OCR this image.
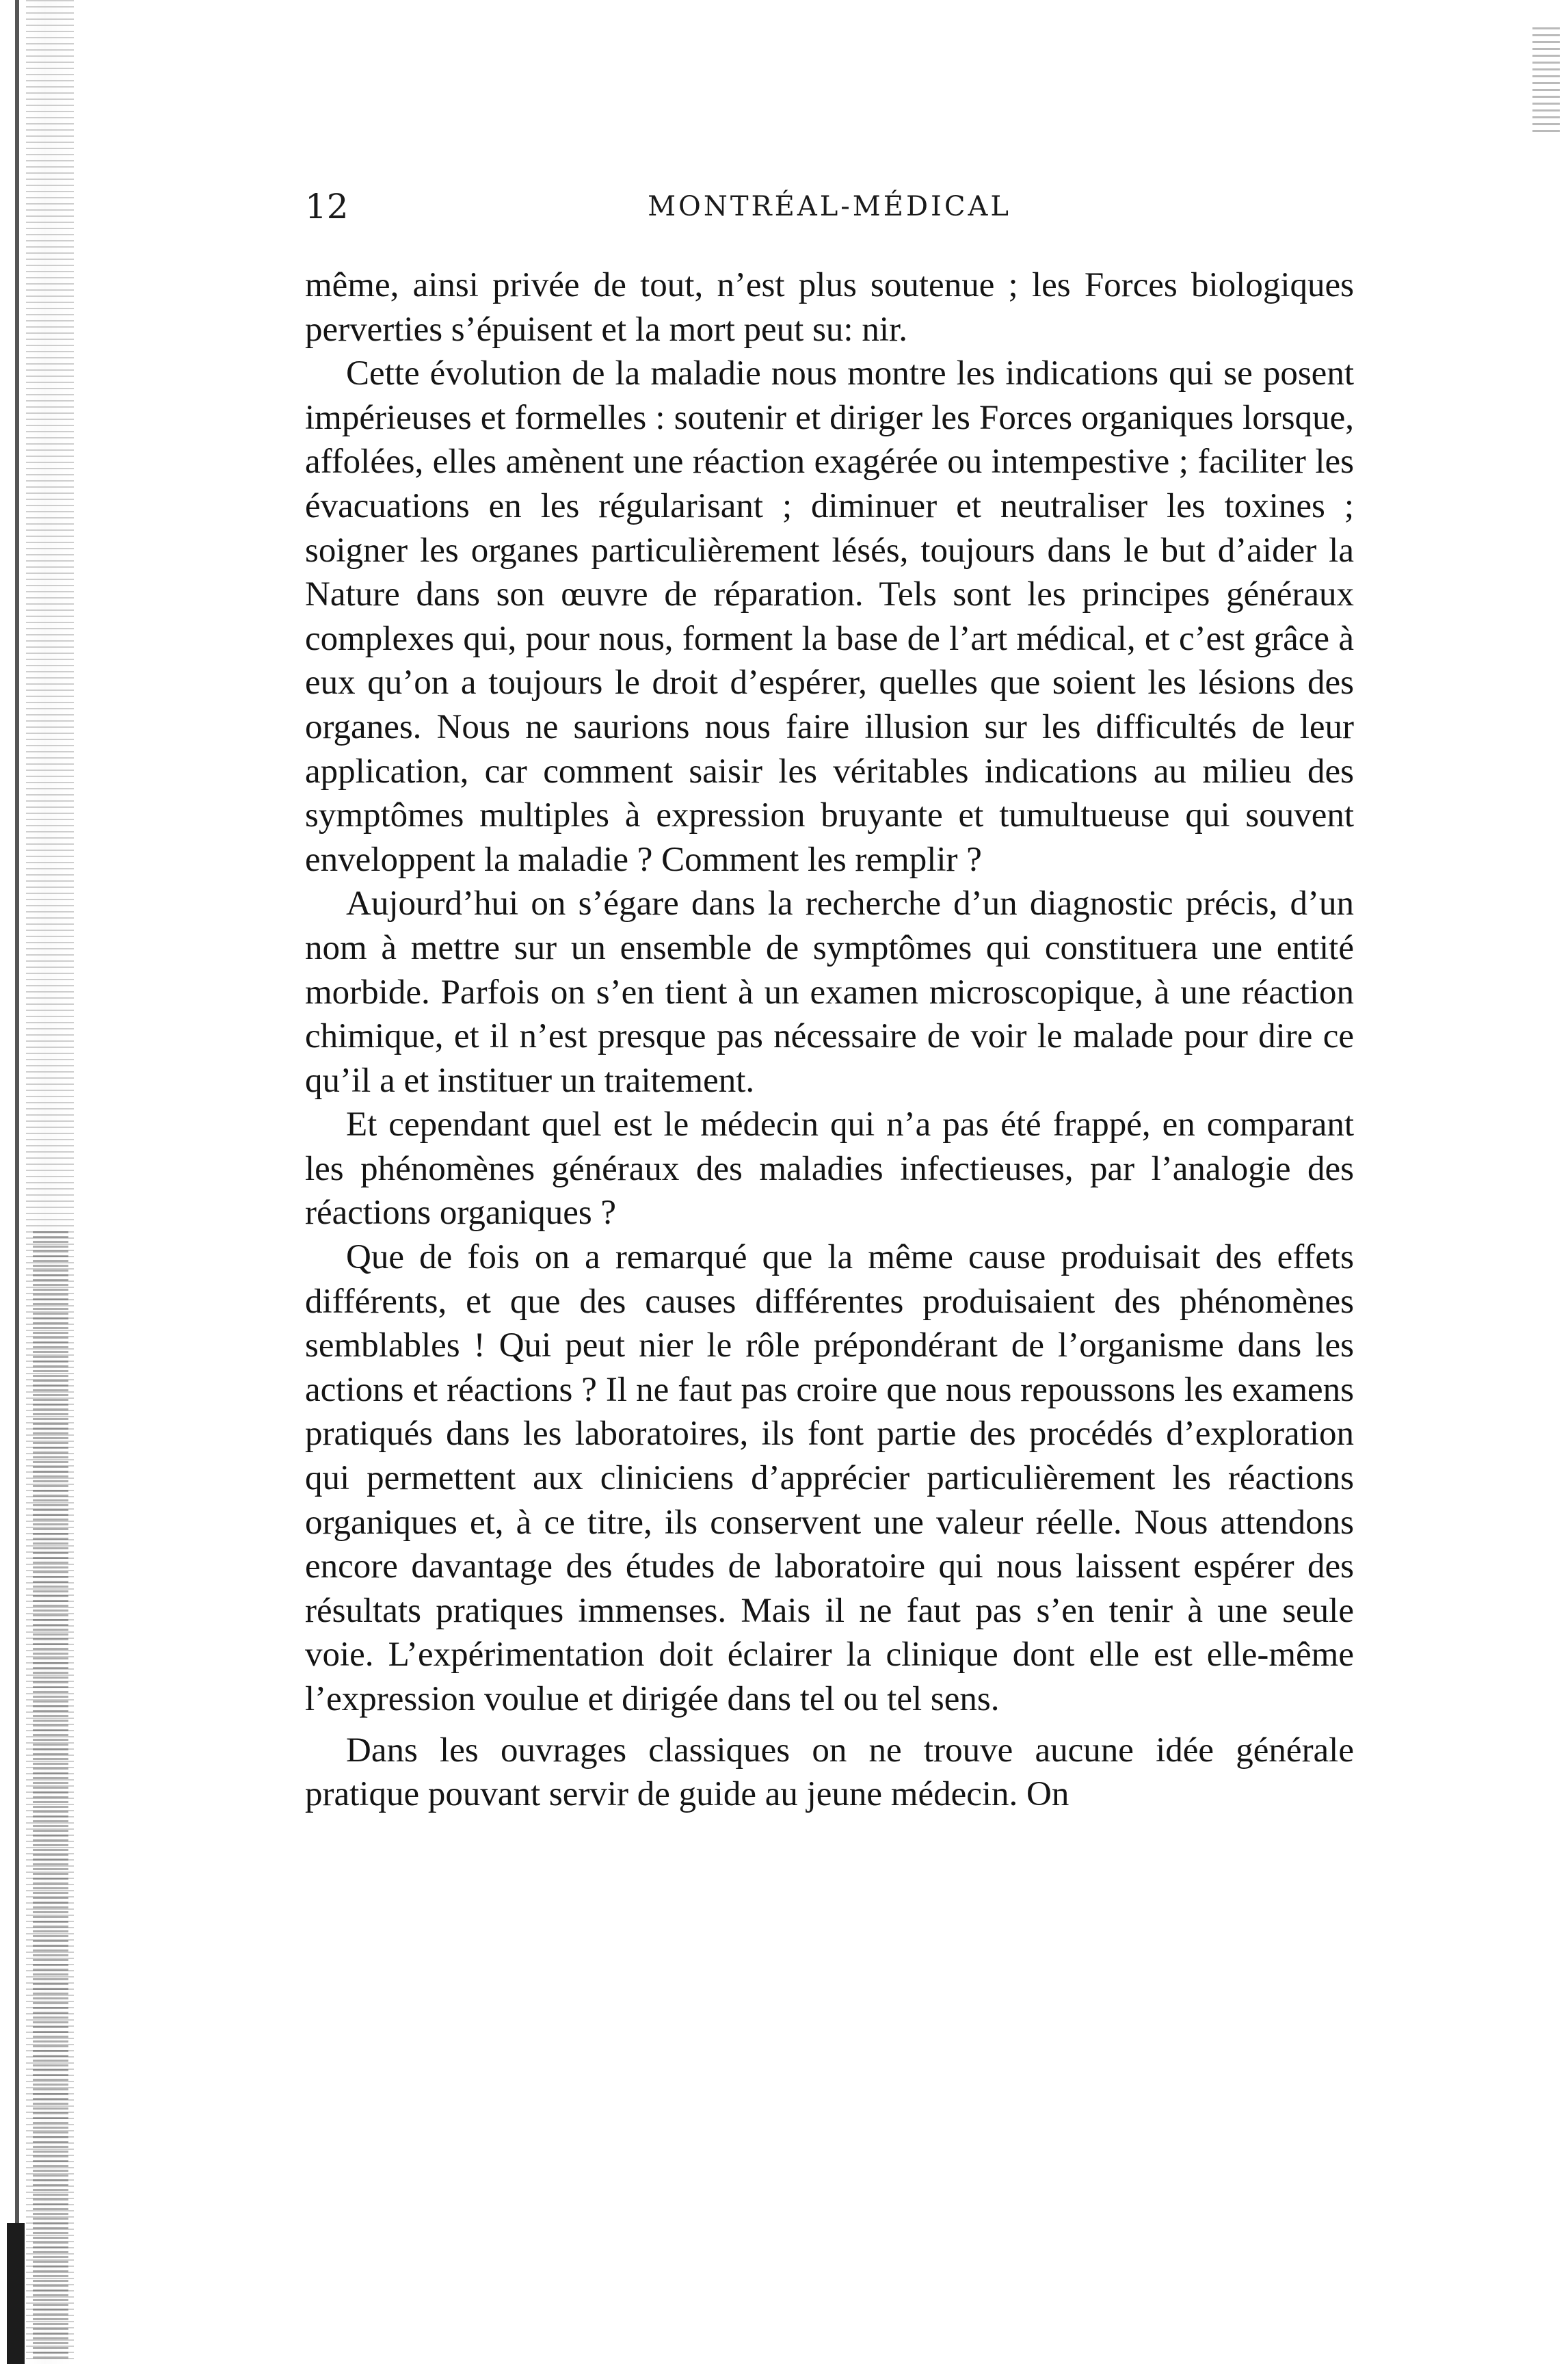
12	MONTRÉAL-MÉDICAL

même, ainsi privée de tout, n’est plus soutenue ; les Forces biologiques perverties s’épuisent et la mort peut su: nir.

Cette évolution de la maladie nous montre les indications qui se posent impérieuses et formelles : soutenir et diriger les Forces organiques lorsque, affolées, elles amènent une réaction exagérée ou intempestive ; faciliter les évacuations en les régularisant ; diminuer et neutraliser les toxines ; soigner les organes particulièrement lésés, toujours dans le but d’aider la Nature dans son œuvre de réparation. Tels sont les principes généraux complexes qui, pour nous, forment la base de l’art médical, et c’est grâce à eux qu’on a toujours le droit d’espérer, quelles que soient les lésions des organes. Nous ne saurions nous faire illusion sur les difficultés de leur application, car comment saisir les véritables indications au milieu des symptômes multiples à expression bruyante et tumultueuse qui souvent enveloppent la maladie ? Comment les remplir ?

Aujourd’hui on s’égare dans la recherche d’un diagnostic précis, d’un nom à mettre sur un ensemble de symptômes qui constituera une entité morbide. Parfois on s’en tient à un examen microscopique, à une réaction chimique, et il n’est presque pas nécessaire de voir le malade pour dire ce qu’il a et instituer un traitement.

Et cependant quel est le médecin qui n’a pas été frappé, en comparant les phénomènes généraux des maladies infectieuses, par l’analogie des réactions organiques ?

Que de fois on a remarqué que la même cause produisait des effets différents, et que des causes différentes produisaient des phénomènes semblables ! Qui peut nier le rôle prépondérant de l’organisme dans les actions et réactions ? Il ne faut pas croire que nous repoussons les examens pratiqués dans les laboratoires, ils font partie des procédés d’exploration qui permettent aux cliniciens d’apprécier particulièrement les réactions organiques et, à ce titre, ils conservent une valeur réelle. Nous attendons encore davantage des études de laboratoire qui nous laissent espérer des résultats pratiques immenses. Mais il ne faut pas s’en tenir à une seule voie. L’expérimentation doit éclairer la clinique dont elle est elle-même l’expression voulue et dirigée dans tel ou tel sens.

Dans les ouvrages classiques on ne trouve aucune idée générale pratique pouvant servir de guide au jeune médecin. On
